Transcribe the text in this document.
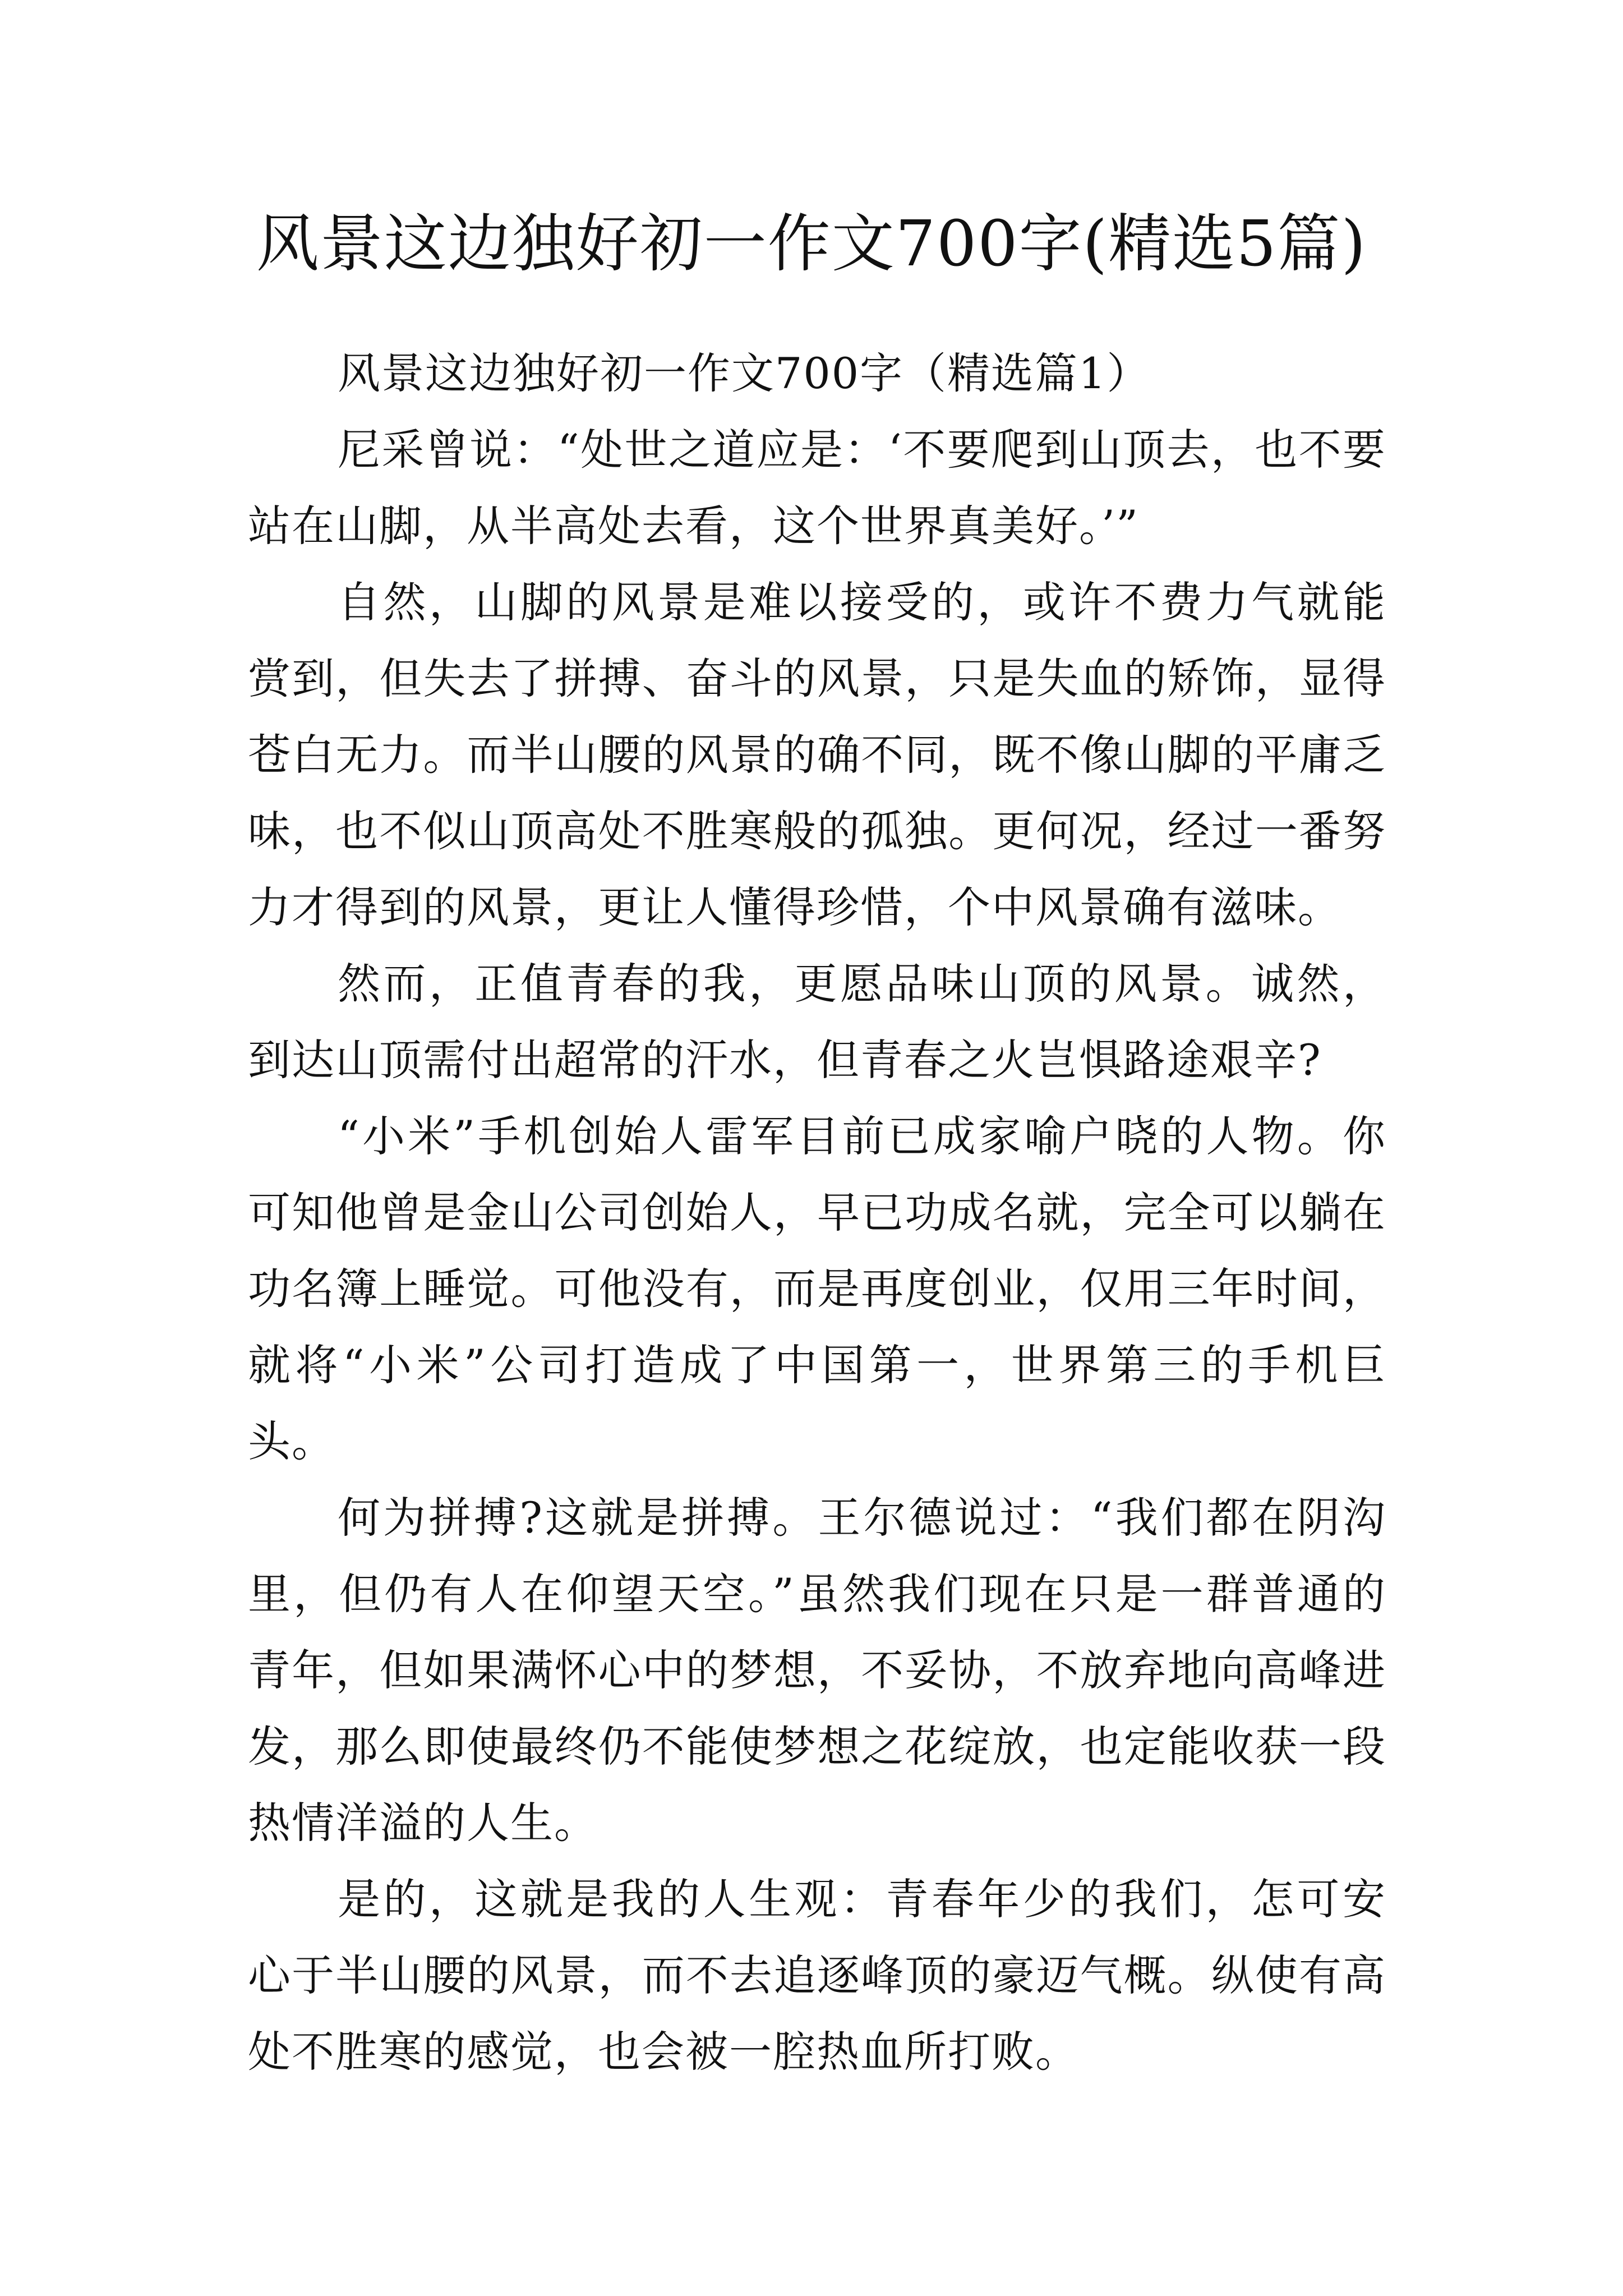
风景这边独好初一作文700字(精选5篇)

风景这边独好初一作文700字（精选篇1）

尼采曾说：“处世之道应是：‘不要爬到山顶去，也不要站在山脚，从半高处去看，这个世界真美好。’”

自然，山脚的风景是难以接受的，或许不费力气就能赏到，但失去了拼搏、奋斗的风景，只是失血的矫饰，显得苍白无力。而半山腰的风景的确不同，既不像山脚的平庸乏味，也不似山顶高处不胜寒般的孤独。更何况，经过一番努力才得到的风景，更让人懂得珍惜，个中风景确有滋味。

然而，正值青春的我，更愿品味山顶的风景。诚然，到达山顶需付出超常的汗水，但青春之火岂惧路途艰辛?

“小米”手机创始人雷军目前已成家喻户晓的人物。你可知他曾是金山公司创始人，早已功成名就，完全可以躺在功名簿上睡觉。可他没有，而是再度创业，仅用三年时间，就将“小米”公司打造成了中国第一，世界第三的手机巨头。

何为拼搏?这就是拼搏。王尔德说过：“我们都在阴沟里，但仍有人在仰望天空。”虽然我们现在只是一群普通的青年，但如果满怀心中的梦想，不妥协，不放弃地向高峰进发，那么即使最终仍不能使梦想之花绽放，也定能收获一段热情洋溢的人生。

是的，这就是我的人生观：青春年少的我们，怎可安心于半山腰的风景，而不去追逐峰顶的豪迈气概。纵使有高处不胜寒的感觉，也会被一腔热血所打败。
